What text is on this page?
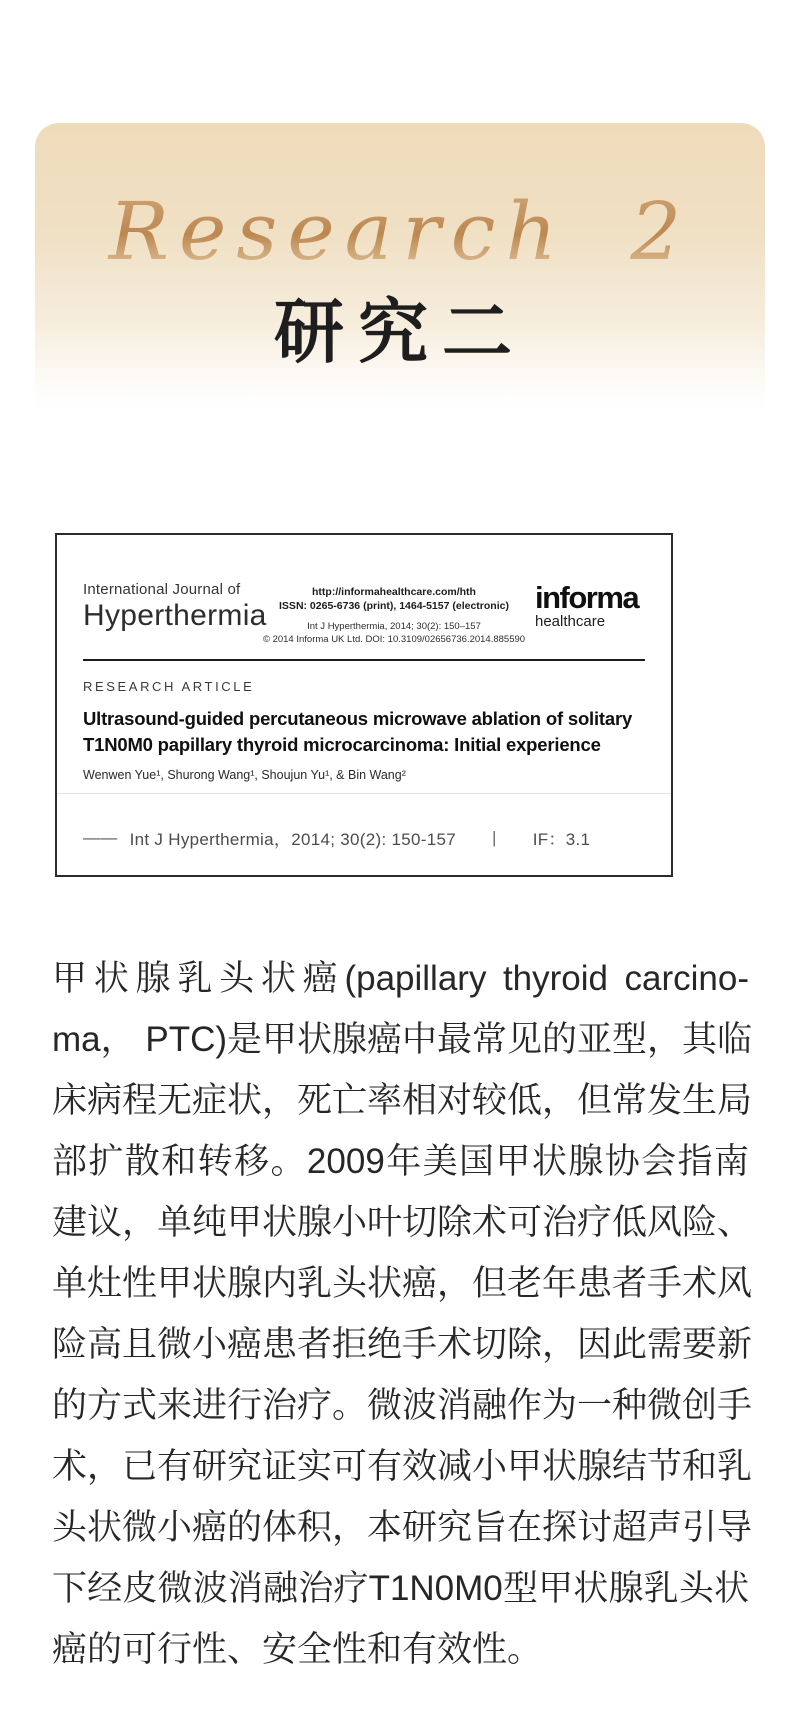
Research 2
研究二
International Journal of
Hyperthermia
http://informahealthcare.com/hth
ISSN: 0265-6736 (print), 1464-5157 (electronic)
Int J Hyperthermia, 2014; 30(2): 150–157
© 2014 Informa UK Ltd. DOI: 10.3109/02656736.2014.885590
informa
healthcare
RESEARCH ARTICLE
Ultrasound-guided percutaneous microwave ablation of solitary
T1N0M0 papillary thyroid microcarcinoma: Initial experience
Wenwen Yue¹, Shurong Wang¹, Shoujun Yu¹, & Bin Wang²
—— Int J Hyperthermia，2014; 30(2): 150-157 | IF：3.1
甲状腺乳头状癌(papillary thyroid carcino-
ma， PTC)是甲状腺癌中最常见的亚型，其临
床病程无症状，死亡率相对较低，但常发生局
部扩散和转移。2009年美国甲状腺协会指南
建议，单纯甲状腺小叶切除术可治疗低风险、
单灶性甲状腺内乳头状癌，但老年患者手术风
险高且微小癌患者拒绝手术切除，因此需要新
的方式来进行治疗。微波消融作为一种微创手
术，已有研究证实可有效减小甲状腺结节和乳
头状微小癌的体积，本研究旨在探讨超声引导
下经皮微波消融治疗T1N0M0型甲状腺乳头状
癌的可行性、安全性和有效性。
